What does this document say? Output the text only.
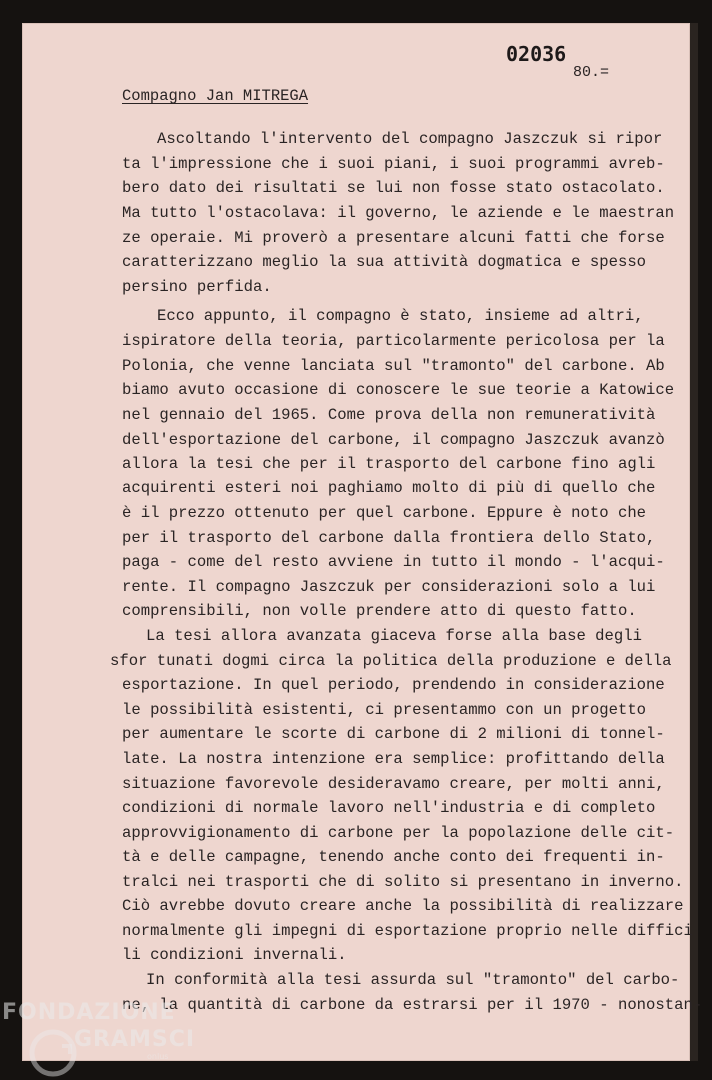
02036
80.=
Compagno Jan MITREGA
Ascoltando l'intervento del compagno Jaszczuk si ripor
ta l'impressione che i suoi piani, i suoi programmi avreb-
bero dato dei risultati se lui non fosse stato ostacolato.
Ma tutto l'ostacolava: il governo, le aziende e le maestran
ze operaie. Mi proverò a presentare alcuni fatti che forse
caratterizzano meglio la sua attività dogmatica e spesso
persino perfida.
Ecco appunto, il compagno è stato, insieme ad altri,
ispiratore della teoria, particolarmente pericolosa per la
Polonia, che venne lanciata sul "tramonto" del carbone. Ab
biamo avuto occasione di conoscere le sue teorie a Katowice
nel gennaio del 1965. Come prova della non remuneratività
dell'esportazione del carbone, il compagno Jaszczuk avanzò
allora la tesi che per il trasporto del carbone fino agli
acquirenti esteri noi paghiamo molto di più di quello che
è il prezzo ottenuto per quel carbone. Eppure è noto che
per il trasporto del carbone dalla frontiera dello Stato,
paga - come del resto avviene in tutto il mondo - l'acqui-
rente. Il compagno Jaszczuk per considerazioni solo a lui
comprensibili, non volle prendere atto di questo fatto.
La tesi allora avanzata giaceva forse alla base degli
sfor tunati dogmi circa la politica della produzione e della
esportazione. In quel periodo, prendendo in considerazione
le possibilità esistenti, ci presentammo con un progetto
per aumentare le scorte di carbone di 2 milioni di tonnel-
late. La nostra intenzione era semplice: profittando della
situazione favorevole desideravamo creare, per molti anni,
condizioni di normale lavoro nell'industria e di completo
approvvigionamento di carbone per la popolazione delle cit-
tà e delle campagne, tenendo anche conto dei frequenti in-
tralci nei trasporti che di solito si presentano in inverno.
Ciò avrebbe dovuto creare anche la possibilità di realizzare
normalmente gli impegni di esportazione proprio nelle diffici
li condizioni invernali.
In conformità alla tesi assurda sul "tramonto" del carbo-
ne, la quantità di carbone da estrarsi per il 1970 - nonostan-
FONDAZIONE
GRAMSCI
onlus
